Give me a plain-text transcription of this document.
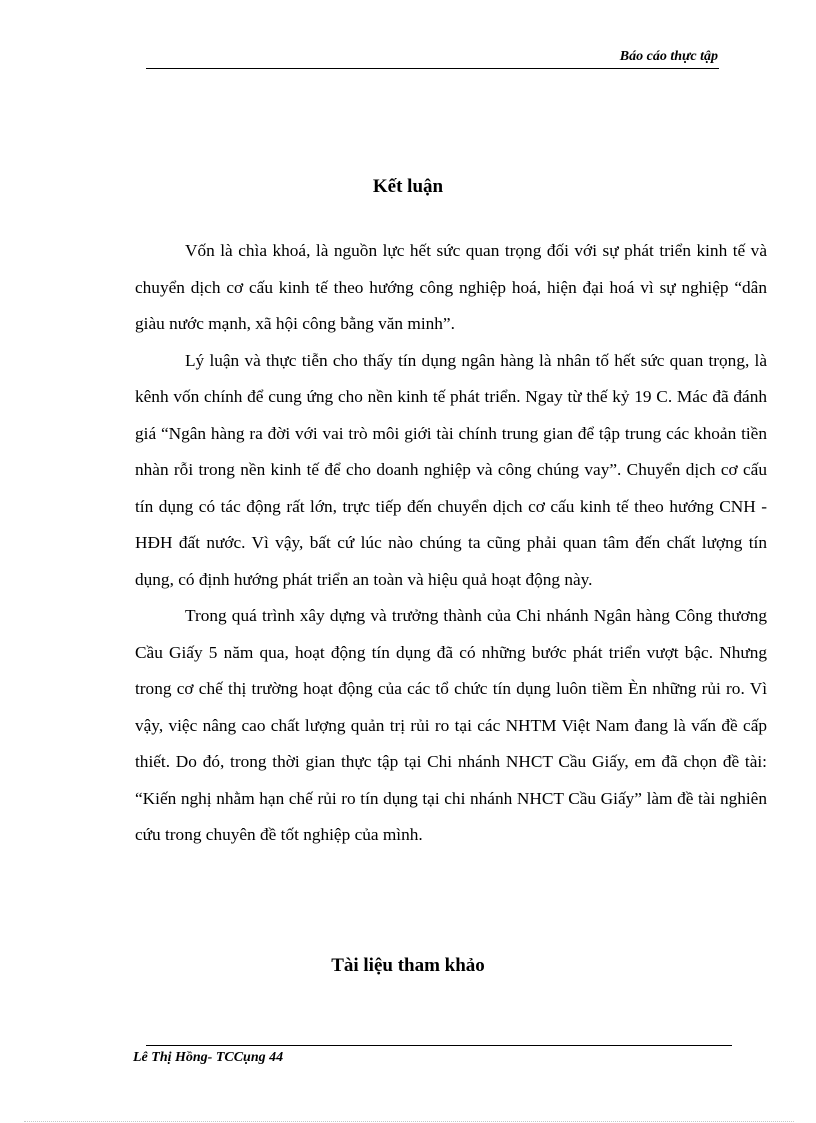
Báo cáo thực tập
Kết luận

Vốn là chìa khoá, là nguồn lực hết sức quan trọng đối với sự phát triển kinh tế và chuyển dịch cơ cấu kinh tế theo hướng công nghiệp hoá, hiện đại hoá vì sự nghiệp “dân giàu nước mạnh, xã hội công bằng văn minh”.

Lý luận và thực tiễn cho thấy tín dụng ngân hàng là nhân tố hết sức quan trọng, là kênh vốn chính để cung ứng cho nền kinh tế phát triển. Ngay từ thế kỷ 19 C. Mác đã đánh giá “Ngân hàng ra đời với vai trò môi giới tài chính trung gian để tập trung các khoản tiền nhàn rỗi trong nền kinh tế để cho doanh nghiệp và công chúng vay”. Chuyển dịch cơ cấu tín dụng có tác động rất lớn, trực tiếp đến chuyển dịch cơ cấu kinh tế theo hướng CNH - HĐH đất nước. Vì vậy, bất cứ lúc nào chúng ta cũng phải quan tâm đến chất lượng tín dụng, có định hướng phát triển an toàn và hiệu quả hoạt động này.

Trong quá trình xây dựng và trưởng thành của Chi nhánh Ngân hàng Công thương Cầu Giấy 5 năm qua, hoạt động tín dụng đã có những bước phát triển vượt bậc. Nhưng trong cơ chế thị trường hoạt động của các tổ chức tín dụng luôn tiềm Èn những rủi ro. Vì vậy, việc nâng cao chất lượng quản trị rủi ro tại các NHTM Việt Nam đang là vấn đề cấp thiết. Do đó, trong thời gian thực tập tại Chi nhánh NHCT Cầu Giấy, em đã chọn đề tài: “Kiến nghị nhằm hạn chế rủi ro tín dụng tại chi nhánh NHCT Cầu Giấy” làm đề tài nghiên cứu trong chuyên đề tốt nghiệp của mình.

Tài liệu tham khảo
Lê Thị Hồng- TCCụng 44
